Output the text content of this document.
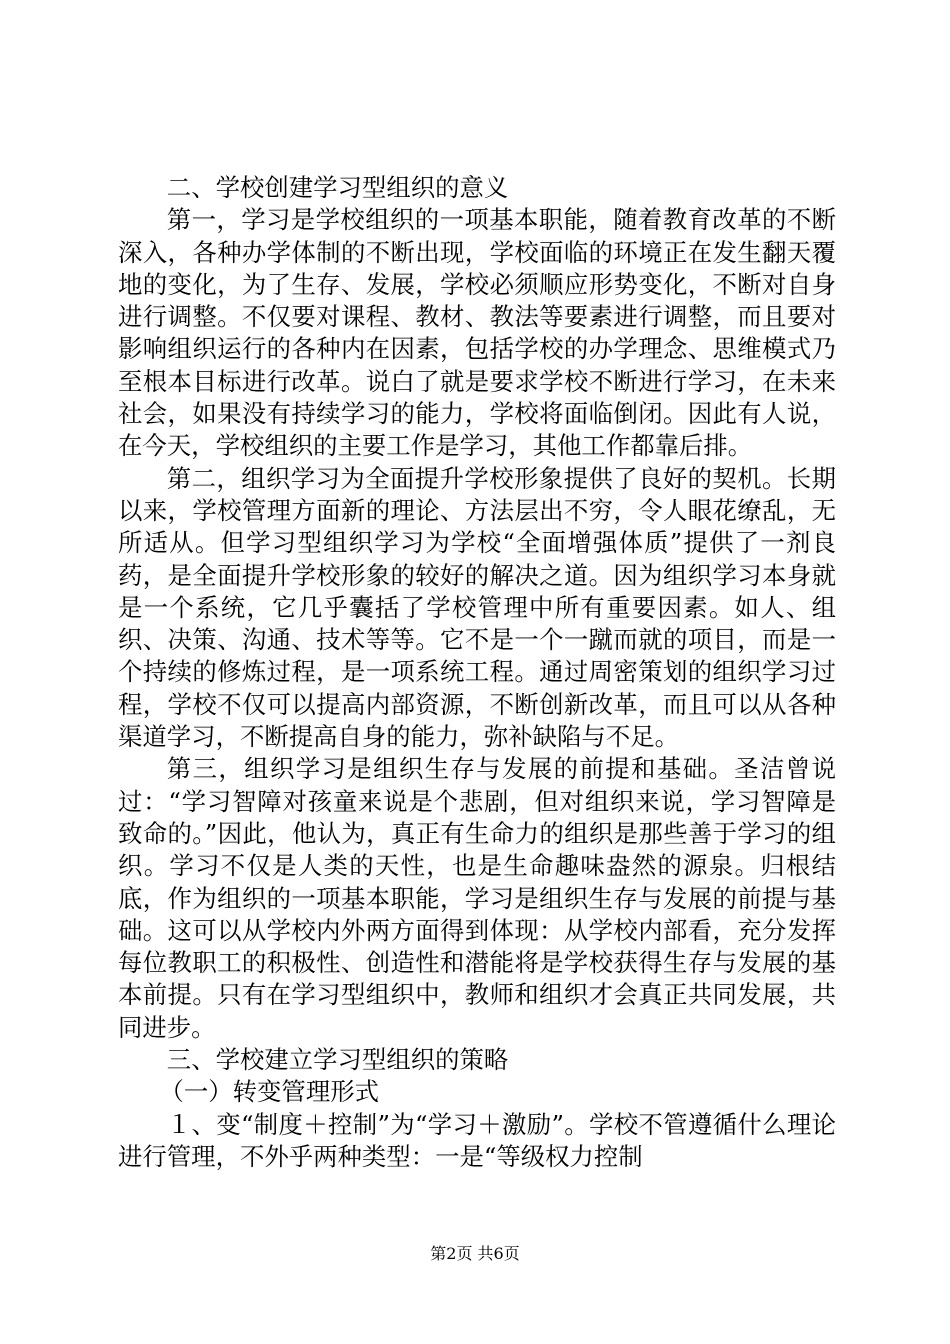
二、学校创建学习型组织的意义

第一，学习是学校组织的一项基本职能，随着教育改革的不断深入，各种办学体制的不断出现，学校面临的环境正在发生翻天覆地的变化，为了生存、发展，学校必须顺应形势变化，不断对自身进行调整。不仅要对课程、教材、教法等要素进行调整，而且要对影响组织运行的各种内在因素，包括学校的办学理念、思维模式乃至根本目标进行改革。说白了就是要求学校不断进行学习，在未来社会，如果没有持续学习的能力，学校将面临倒闭。因此有人说，在今天，学校组织的主要工作是学习，其他工作都靠后排。

第二，组织学习为全面提升学校形象提供了良好的契机。长期以来，学校管理方面新的理论、方法层出不穷，令人眼花缭乱，无所适从。但学习型组织学习为学校“全面增强体质”提供了一剂良药，是全面提升学校形象的较好的解决之道。因为组织学习本身就是一个系统，它几乎囊括了学校管理中所有重要因素。如人、组织、决策、沟通、技术等等。它不是一个一蹴而就的项目，而是一个持续的修炼过程，是一项系统工程。通过周密策划的组织学习过程，学校不仅可以提高内部资源，不断创新改革，而且可以从各种渠道学习，不断提高自身的能力，弥补缺陷与不足。

第三，组织学习是组织生存与发展的前提和基础。圣洁曾说过：“学习智障对孩童来说是个悲剧，但对组织来说，学习智障是致命的。”因此，他认为，真正有生命力的组织是那些善于学习的组织。学习不仅是人类的天性，也是生命趣味盎然的源泉。归根结底，作为组织的一项基本职能，学习是组织生存与发展的前提与基础。这可以从学校内外两方面得到体现：从学校内部看，充分发挥每位教职工的积极性、创造性和潜能将是学校获得生存与发展的基本前提。只有在学习型组织中，教师和组织才会真正共同发展，共同进步。

三、学校建立学习型组织的策略

（一）转变管理形式

１、变“制度＋控制”为“学习＋激励”。学校不管遵循什么理论进行管理，不外乎两种类型：一是“等级权力控制

第2页 共6页
